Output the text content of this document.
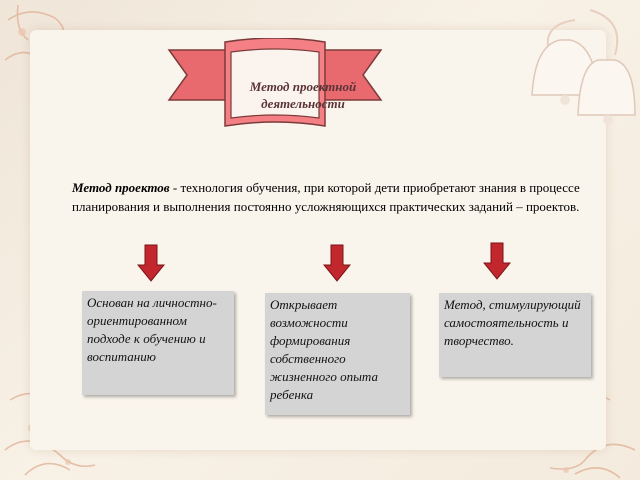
Метод проектной
деятельности
Метод проектов - технология обучения, при которой дети приобретают знания в процессе планирования и выполнения постоянно усложняющихся практических заданий – проектов.
Основан на личностно-ориентированном подходе к обучению и воспитанию
Открывает возможности формирования собственного жизненного опыта ребенка
Метод, стимулирующий самостоятельность и творчество.
